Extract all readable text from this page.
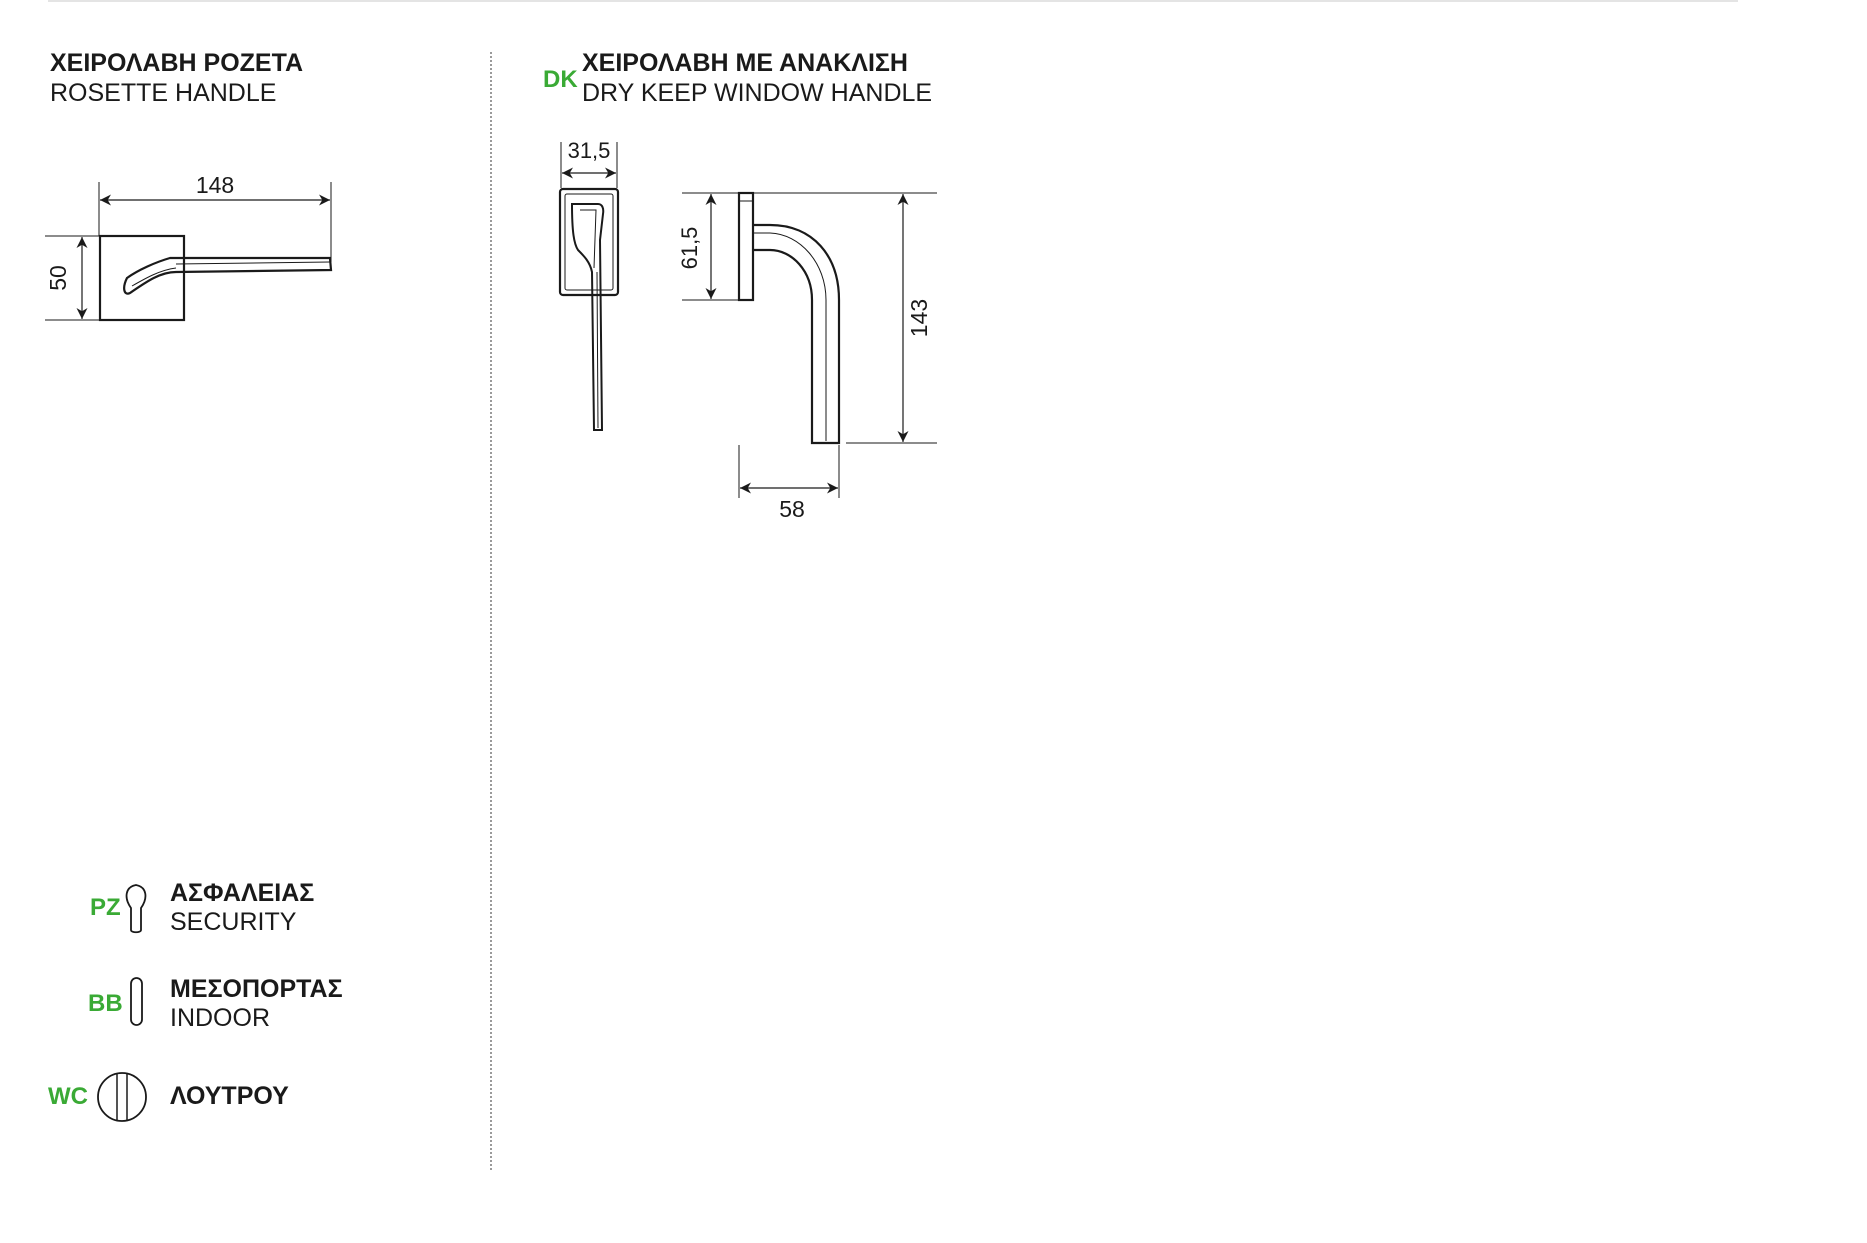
ΧΕΙΡΟΛΑΒΗ ΡΟΖΕΤΑ
ROSETTE HANDLE	DK
ΧΕΙΡΟΛΑΒΗ ΜΕ ΑΝΑΚΛΙΣΗ
DRY KEEP WINDOW HANDLE
148
50
31,5
61,5
143
58
PZ
ΑΣΦΑΛΕΙΑΣ
SECURITY
BB
ΜΕΣΟΠΟΡΤΑΣ
INDOOR
WC	ΛΟΥΤΡΟΥ
